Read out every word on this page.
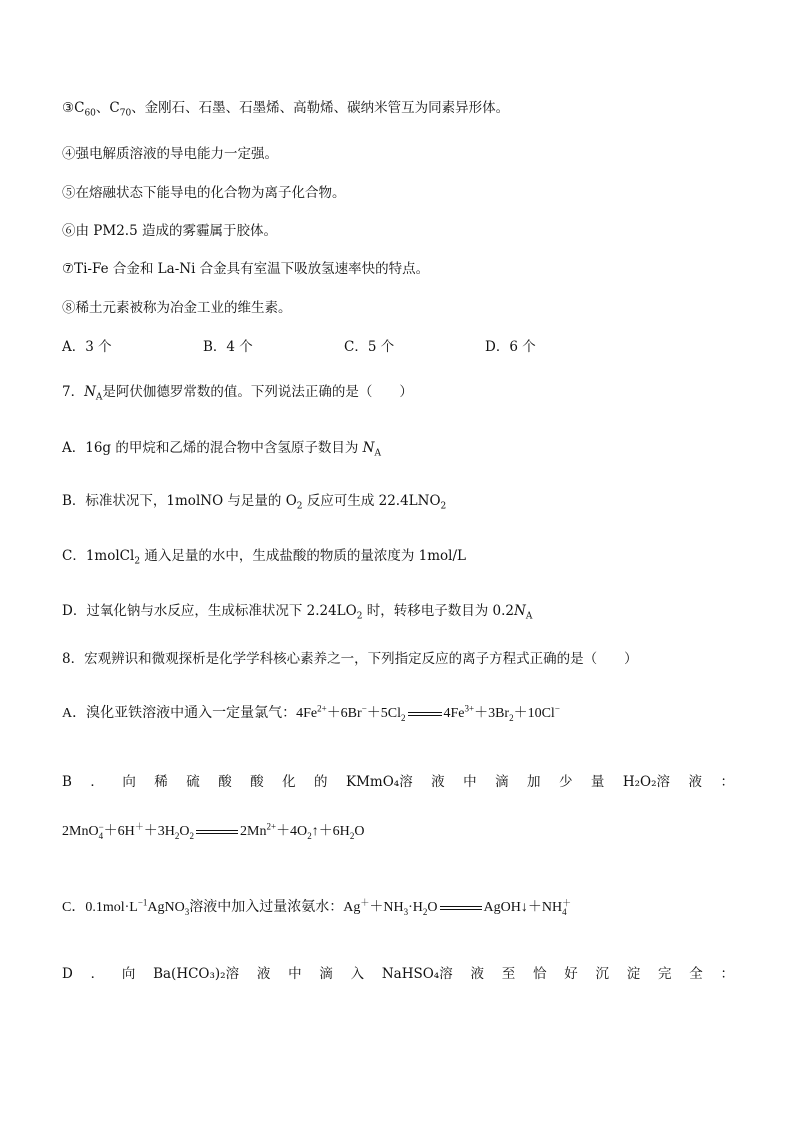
$③C_{60}$、$C_{70}$、金刚石、石墨、石墨烯、高勒烯、碳纳米管互为同素异形体。
④强电解质溶液的导电能力一定强。
⑤在熔融状态下能导电的化合物为离子化合物。
⑥由 PM2.5 造成的雾霾属于胶体。
⑦Ti-Fe 合金和 La-Ni 合金具有室温下吸放氢速率快的特点。
⑧稀土元素被称为冶金工业的维生素。
A．3 个	B．4 个	C．5 个	D．6 个
7．$N_A$是阿伏伽德罗常数的值。下列说法正确的是（　　）
A．16g 的甲烷和乙烯的混合物中含氢原子数目为 $N_A$
B．标准状况下，1molNO 与足量的 $O_2$ 反应可生成 $22.4LNO_2$
C．1molCl$_2$ 通入足量的水中，生成盐酸的物质的量浓度为 1mol/L
D．过氧化钠与水反应，生成标准状况下 $2.24LO_2$ 时，转移电子数目为 $0.2N_A$
8．宏观辨识和微观探析是化学学科核心素养之一，下列指定反应的离子方程式正确的是（　　）
A．溴化亚铁溶液中通入一定量氯气：$4Fe^{2+}+6Br^-+5Cl_2$	$4Fe^{3+}+3Br_2+10Cl^-$
B ． 向 稀 硫 酸 酸 化 的 KMmO₄溶 液 中 滴 加 少 量 H₂O₂溶 液 ：
2MnO −
$4 +6H^++3H_2O_2$	$2Mn^{2+}+4O_2↑+6H_2O$
C．$0.1mol\cdot L^{-1}AgNO_3$溶液中加入过量浓氨水：$Ag^++NH_3\cdot H_2O$	AgOH↓＋NH ＋
4
D ． 向 Ba(HCO₃)₂溶 液 中 滴 入 NaHSO₄溶 液 至 恰 好 沉 淀 完 全 ：
